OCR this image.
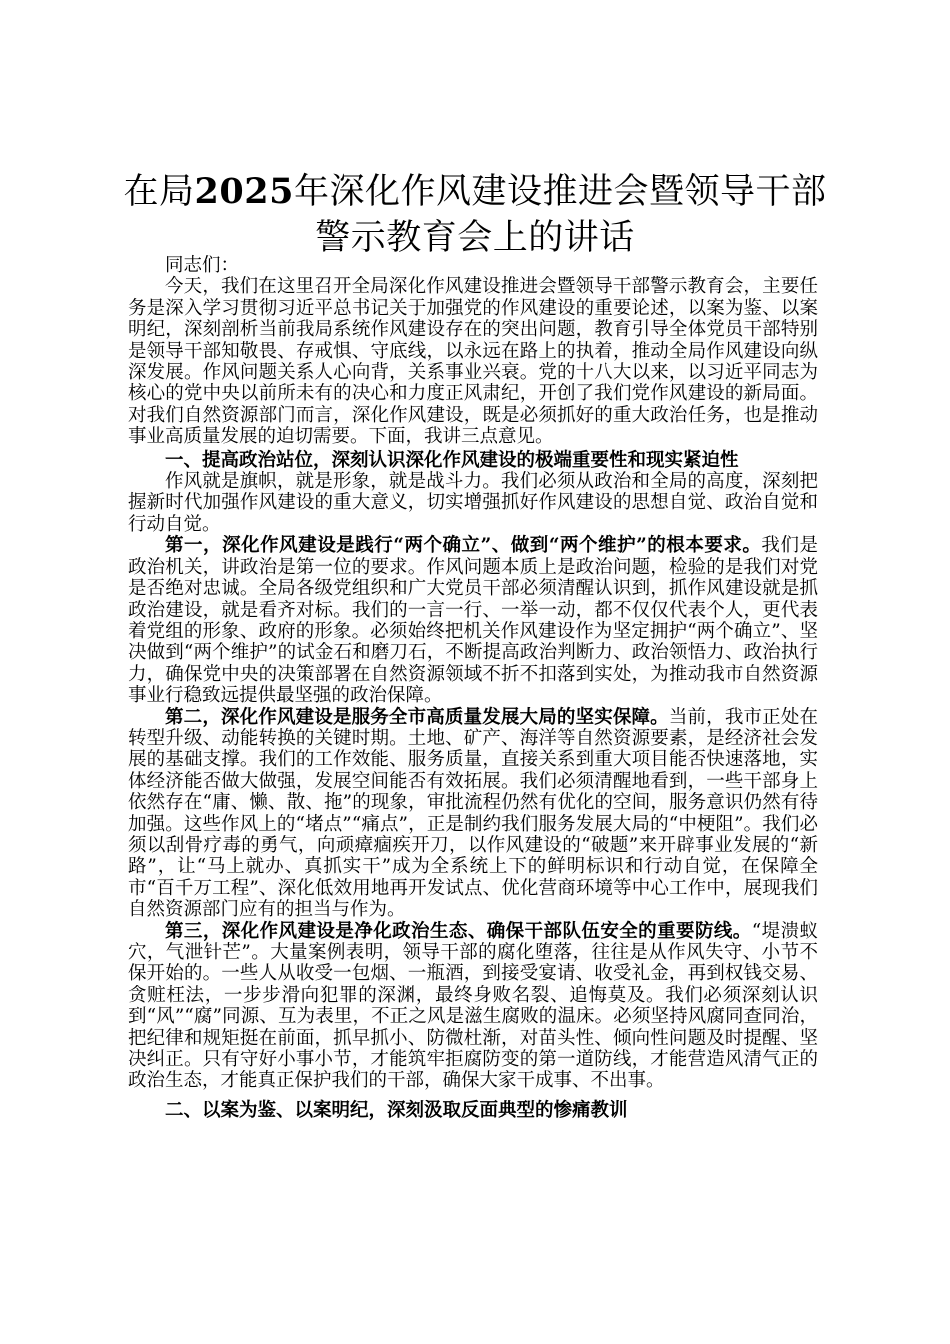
在局2025年深化作风建设推进会暨领导干部
警示教育会上的讲话

同志们：

今天，我们在这里召开全局深化作风建设推进会暨领导干部警示教育会，主要任务是深入学习贯彻习近平总书记关于加强党的作风建设的重要论述，以案为鉴、以案明纪，深刻剖析当前我局系统作风建设存在的突出问题，教育引导全体党员干部特别是领导干部知敬畏、存戒惧、守底线，以永远在路上的执着，推动全局作风建设向纵深发展。作风问题关系人心向背，关系事业兴衰。党的十八大以来，以习近平同志为核心的党中央以前所未有的决心和力度正风肃纪，开创了我们党作风建设的新局面。对我们自然资源部门而言，深化作风建设，既是必须抓好的重大政治任务，也是推动事业高质量发展的迫切需要。下面，我讲三点意见。

一、提高政治站位，深刻认识深化作风建设的极端重要性和现实紧迫性

作风就是旗帜，就是形象，就是战斗力。我们必须从政治和全局的高度，深刻把握新时代加强作风建设的重大意义，切实增强抓好作风建设的思想自觉、政治自觉和行动自觉。

第一，深化作风建设是践行“两个确立”、做到“两个维护”的根本要求。我们是政治机关，讲政治是第一位的要求。作风问题本质上是政治问题，检验的是我们对党是否绝对忠诚。全局各级党组织和广大党员干部必须清醒认识到，抓作风建设就是抓政治建设，就是看齐对标。我们的一言一行、一举一动，都不仅仅代表个人，更代表着党组的形象、政府的形象。必须始终把机关作风建设作为坚定拥护“两个确立”、坚决做到“两个维护”的试金石和磨刀石，不断提高政治判断力、政治领悟力、政治执行力，确保党中央的决策部署在自然资源领域不折不扣落到实处，为推动我市自然资源事业行稳致远提供最坚强的政治保障。

第二，深化作风建设是服务全市高质量发展大局的坚实保障。当前，我市正处在转型升级、动能转换的关键时期。土地、矿产、海洋等自然资源要素，是经济社会发展的基础支撑。我们的工作效能、服务质量，直接关系到重大项目能否快速落地，实体经济能否做大做强，发展空间能否有效拓展。我们必须清醒地看到，一些干部身上依然存在“庸、懒、散、拖”的现象，审批流程仍然有优化的空间，服务意识仍然有待加强。这些作风上的“堵点”“痛点”，正是制约我们服务发展大局的“中梗阻”。我们必须以刮骨疗毒的勇气，向顽瘴痼疾开刀，以作风建设的“破题”来开辟事业发展的“新路”，让“马上就办、真抓实干”成为全系统上下的鲜明标识和行动自觉，在保障全市“百千万工程”、深化低效用地再开发试点、优化营商环境等中心工作中，展现我们自然资源部门应有的担当与作为。

第三，深化作风建设是净化政治生态、确保干部队伍安全的重要防线。“堤溃蚁穴，气泄针芒”。大量案例表明，领导干部的腐化堕落，往往是从作风失守、小节不保开始的。一些人从收受一包烟、一瓶酒，到接受宴请、收受礼金，再到权钱交易、贪赃枉法，一步步滑向犯罪的深渊，最终身败名裂、追悔莫及。我们必须深刻认识到“风”“腐”同源、互为表里，不正之风是滋生腐败的温床。必须坚持风腐同查同治，把纪律和规矩挺在前面，抓早抓小、防微杜渐，对苗头性、倾向性问题及时提醒、坚决纠正。只有守好小事小节，才能筑牢拒腐防变的第一道防线，才能营造风清气正的政治生态，才能真正保护我们的干部，确保大家干成事、不出事。

二、以案为鉴、以案明纪，深刻汲取反面典型的惨痛教训
